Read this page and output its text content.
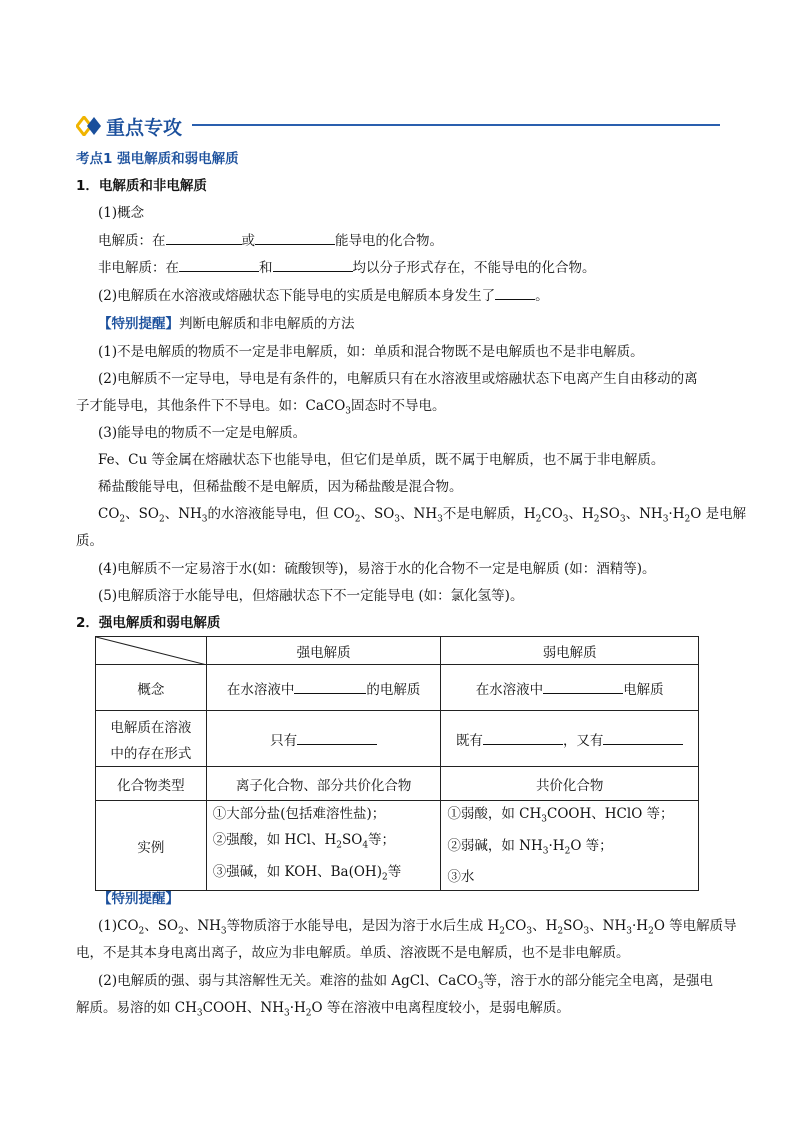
重点专攻
考点1 强电解质和弱电解质
1．电解质和非电解质
(1)概念
电解质：在	或	能导电的化合物。
非电解质：在	和	均以分子形式存在，不能导电的化合物。
(2)电解质在水溶液或熔融状态下能导电的实质是电解质本身发生了	。
【特别提醒】判断电解质和非电解质的方法
(1)不是电解质的物质不一定是非电解质，如：单质和混合物既不是电解质也不是非电解质。
(2)电解质不一定导电，导电是有条件的，电解质只有在水溶液里或熔融状态下电离产生自由移动的离
子才能导电，其他条件下不导电。如：CaCO$_3$固态时不导电。
(3)能导电的物质不一定是电解质。
Fe、Cu 等金属在熔融状态下也能导电，但它们是单质，既不属于电解质，也不属于非电解质。
稀盐酸能导电，但稀盐酸不是电解质，因为稀盐酸是混合物。
$CO_2$、$SO_2$、$NH_3$的水溶液能导电，但 $CO_2$、$SO_3$、$NH_3$不是电解质，$H_2CO_3$、$H_2SO_3$、$NH_3\cdot H_2O$ 是电解
质。
(4)电解质不一定易溶于水(如：硫酸钡等)，易溶于水的化合物不一定是电解质 (如：酒精等)。
(5)电解质溶于水能导电，但熔融状态下不一定能导电 (如：氯化氢等)。
2．强电解质和弱电解质
	强电解质	弱电解质
概念	在水溶液中 的电解质	在水溶液中 电解质

电解质在溶液
中的存在形式	只有	既有 ，又有
化合物类型	离子化合物、部分共价化合物	共价化合物
实例	①大部分盐(包括难溶性盐)；
②强酸，如 HCl、$H_2SO_4$等；
③强碱，如 KOH、$Ba(OH)_2$等	①弱酸，如 $CH_3COOH$、HClO 等；
②弱碱，如 $NH_3\cdot H_2O$ 等；
③水
【特别提醒】
$(1)CO_2$、$SO_2$、$NH_3$等物质溶于水能导电，是因为溶于水后生成 $H_2CO_3$、$H_2SO_3$、$NH_3\cdot H_2O$ 等电解质导
电，不是其本身电离出离子，故应为非电解质。单质、溶液既不是电解质，也不是非电解质。
(2)电解质的强、弱与其溶解性无关。难溶的盐如 AgCl、CaCO$_3$等，溶于水的部分能完全电离，是强电
解质。易溶的如 $CH_3COOH$、$NH_3\cdot H_2O$ 等在溶液中电离程度较小，是弱电解质。
